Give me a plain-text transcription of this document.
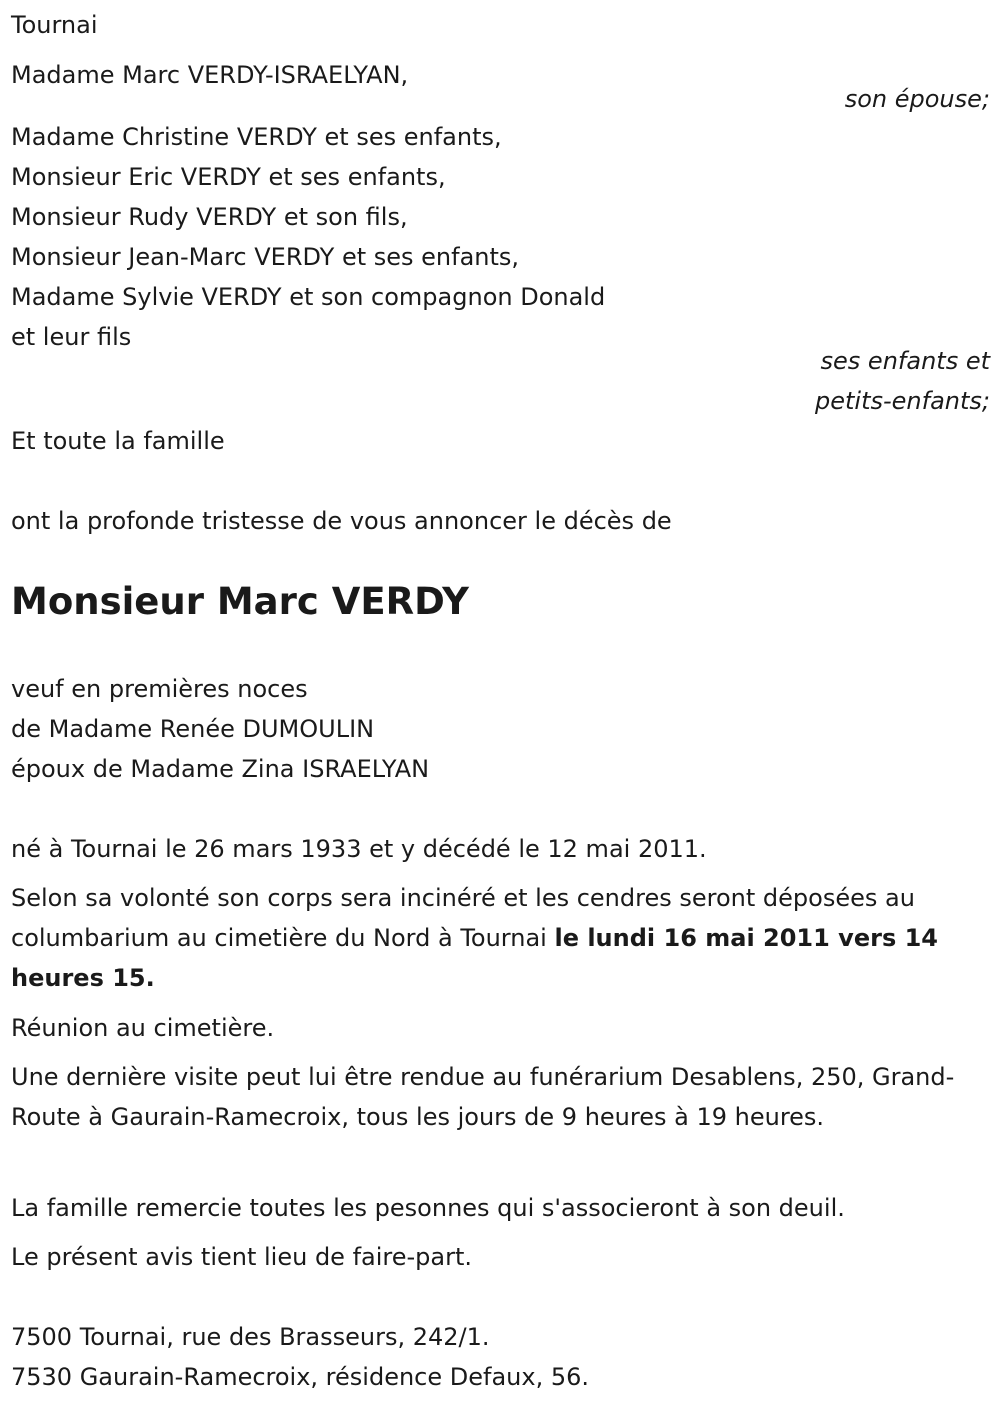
Tournai
Madame Marc VERDY-ISRAELYAN,
son épouse;
Madame Christine VERDY et ses enfants,
Monsieur Eric VERDY et ses enfants,
Monsieur Rudy VERDY et son fils,
Monsieur Jean-Marc VERDY et ses enfants,
Madame Sylvie VERDY et son compagnon Donald
et leur fils
ses enfants et
petits-enfants;
Et toute la famille
ont la profonde tristesse de vous annoncer le décès de
Monsieur Marc VERDY
veuf en premières noces
de Madame Renée DUMOULIN
époux de Madame Zina ISRAELYAN
né à Tournai le 26 mars 1933 et y décédé le 12 mai 2011.

Selon sa volonté son corps sera incinéré et les cendres seront déposées au columbarium au cimetière du Nord à Tournai le lundi 16 mai 2011 vers 14 heures 15.

Réunion au cimetière.

Une dernière visite peut lui être rendue au funérarium Desablens, 250, Grand-Route à Gaurain-Ramecroix, tous les jours de 9 heures à 19 heures.

La famille remercie toutes les pesonnes qui s'associeront à son deuil.
Le présent avis tient lieu de faire-part.
7500 Tournai, rue des Brasseurs, 242/1.
7530 Gaurain-Ramecroix, résidence Defaux, 56.
